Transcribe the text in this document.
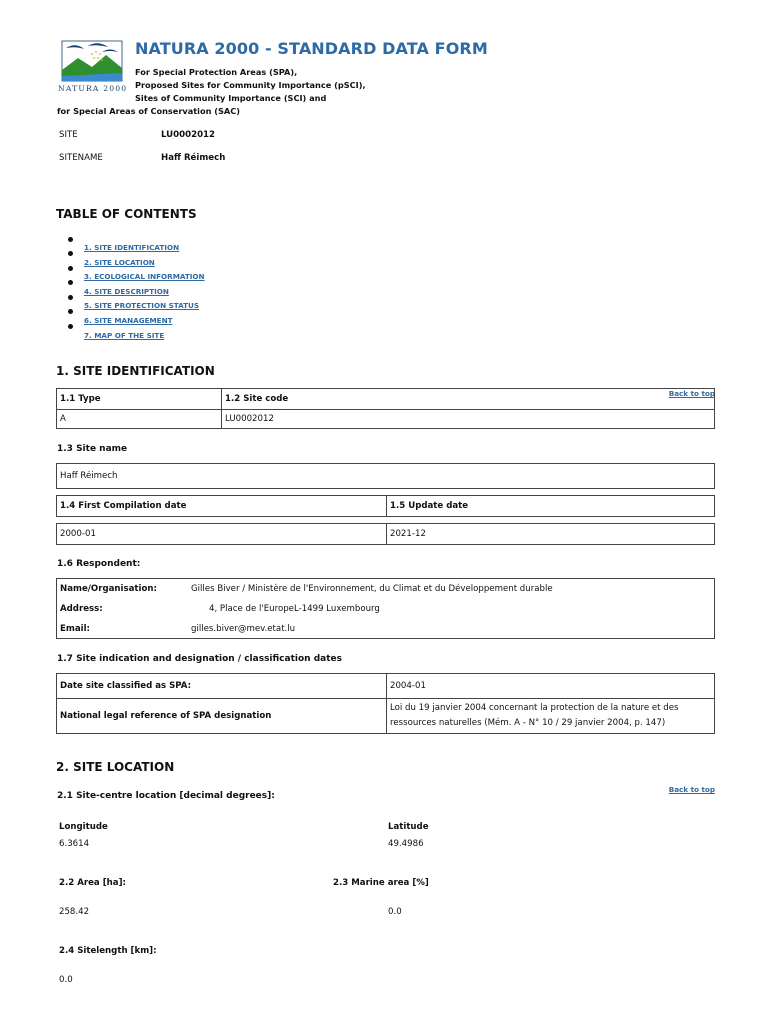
NATURA 2000
NATURA 2000 - STANDARD DATA FORM
For Special Protection Areas (SPA),
Proposed Sites for Community Importance (pSCI),
Sites of Community Importance (SCI) and
for Special Areas of Conservation (SAC)
SITE	LU0002012
SITENAME	Haff Réimech
TABLE OF CONTENTS
1. SITE IDENTIFICATION
2. SITE LOCATION
3. ECOLOGICAL INFORMATION
4. SITE DESCRIPTION
5. SITE PROTECTION STATUS
6. SITE MANAGEMENT
7. MAP OF THE SITE
1. SITE IDENTIFICATION
Back to top
1.1 Type	1.2 Site code
A	LU0002012
1.3 Site name
Haff Réimech
1.4 First Compilation date	1.5 Update date
2000-01	2021-12
1.6 Respondent:
Name/Organisation:	Gilles Biver / Ministère de l'Environnement, du Climat et du Développement durable
Address:	4, Place de l'EuropeL-1499 Luxembourg
Email:	gilles.biver@mev.etat.lu
1.7 Site indication and designation / classification dates
Date site classified as SPA:	2004-01
National legal reference of SPA designation	Loi du 19 janvier 2004 concernant la protection de la nature et des
ressources naturelles (Mém. A - N° 10 / 29 janvier 2004, p. 147)
2. SITE LOCATION
Back to top
2.1 Site-centre location [decimal degrees]:
Longitude
6.3614
Latitude
49.4986
2.2 Area [ha]:
258.42
2.3 Marine area [%]
0.0
2.4 Sitelength [km]:
0.0
